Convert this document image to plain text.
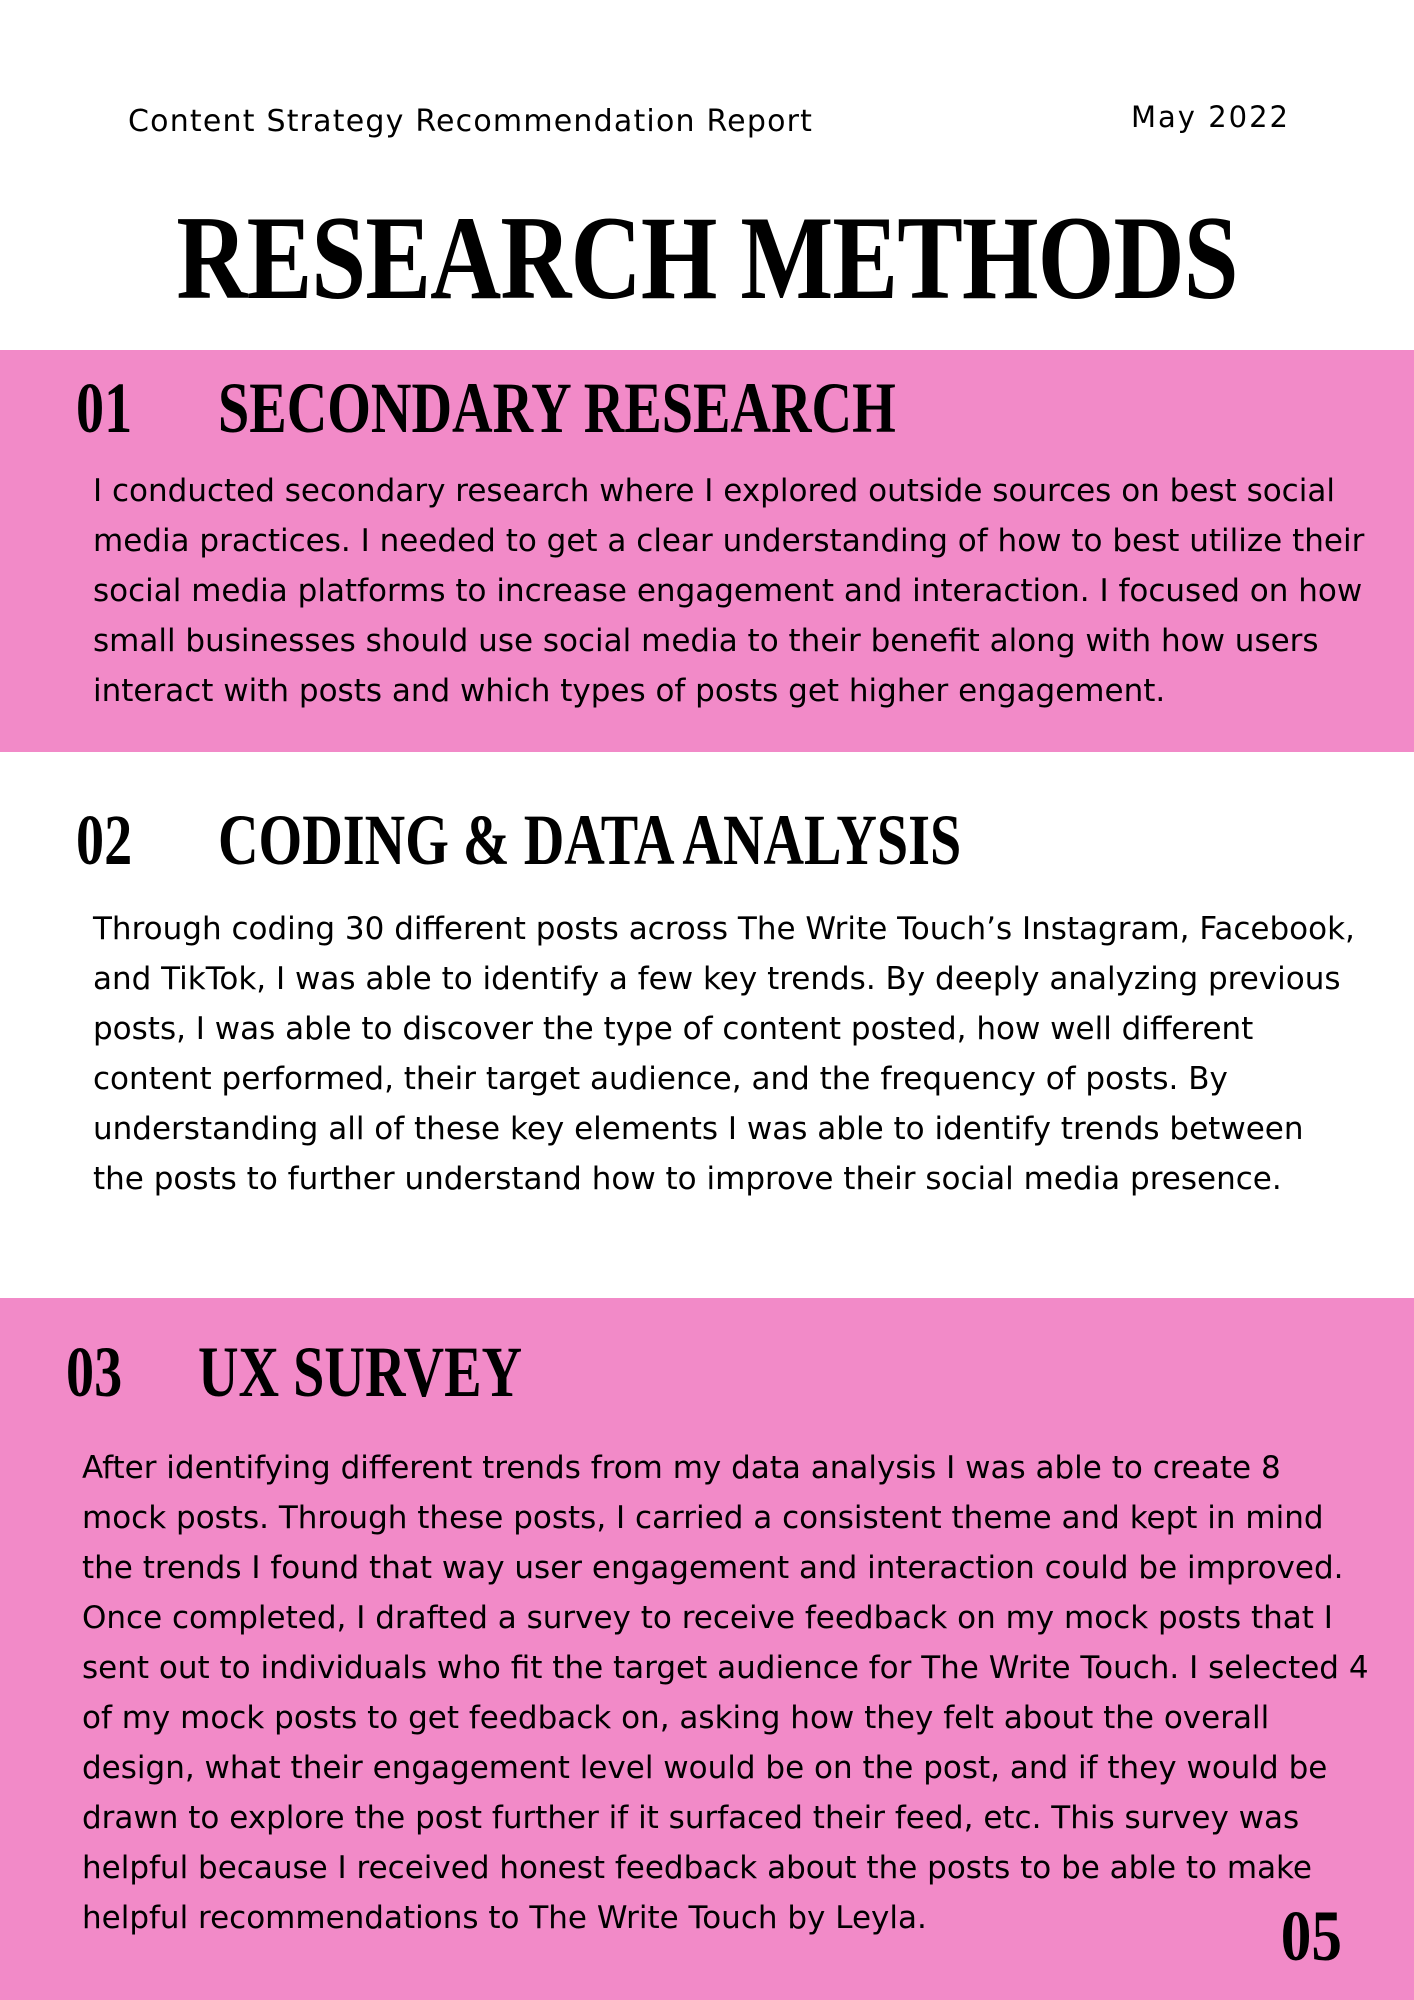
Content Strategy Recommendation Report	May 2022
RESEARCH METHODS
01 SECONDARY RESEARCH
I conducted secondary research where I explored outside sources on best social media practices. I needed to get a clear understanding of how to best utilize their social media platforms to increase engagement and interaction. I focused on how small businesses should use social media to their benefit along with how users interact with posts and which types of posts get higher engagement.
02 CODING & DATA ANALYSIS
Through coding 30 different posts across The Write Touch’s Instagram, Facebook, and TikTok, I was able to identify a few key trends. By deeply analyzing previous posts, I was able to discover the type of content posted, how well different content performed, their target audience, and the frequency of posts. By understanding all of these key elements I was able to identify trends between the posts to further understand how to improve their social media presence.
03 UX SURVEY
After identifying different trends from my data analysis I was able to create 8 mock posts. Through these posts, I carried a consistent theme and kept in mind the trends I found that way user engagement and interaction could be improved. Once completed, I drafted a survey to receive feedback on my mock posts that I sent out to individuals who fit the target audience for The Write Touch. I selected 4 of my mock posts to get feedback on, asking how they felt about the overall design, what their engagement level would be on the post, and if they would be drawn to explore the post further if it surfaced their feed, etc. This survey was helpful because I received honest feedback about the posts to be able to make helpful recommendations to The Write Touch by Leyla.	05
